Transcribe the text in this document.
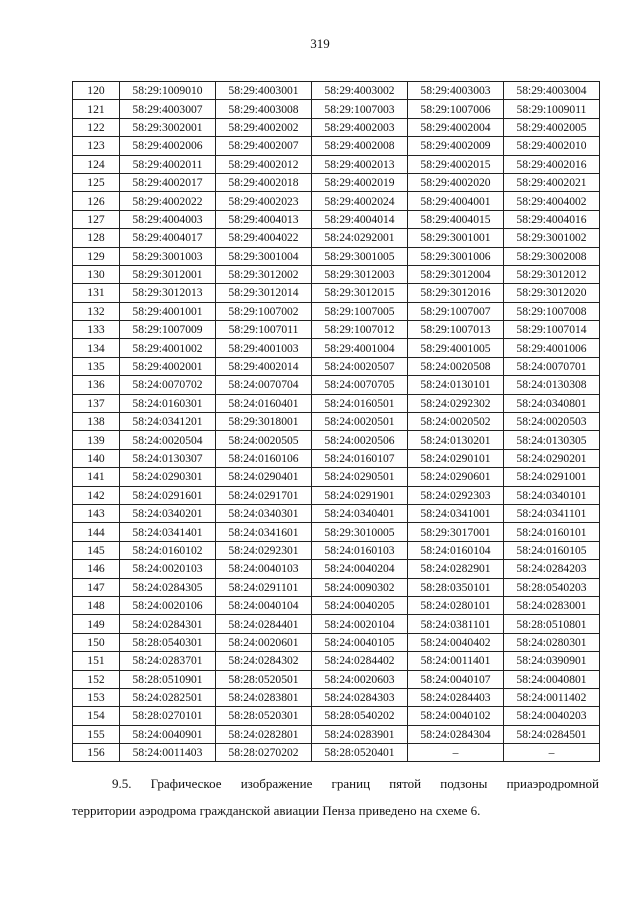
319
120	58:29:1009010	58:29:4003001	58:29:4003002	58:29:4003003	58:29:4003004
121	58:29:4003007	58:29:4003008	58:29:1007003	58:29:1007006	58:29:1009011
122	58:29:3002001	58:29:4002002	58:29:4002003	58:29:4002004	58:29:4002005
123	58:29:4002006	58:29:4002007	58:29:4002008	58:29:4002009	58:29:4002010
124	58:29:4002011	58:29:4002012	58:29:4002013	58:29:4002015	58:29:4002016
125	58:29:4002017	58:29:4002018	58:29:4002019	58:29:4002020	58:29:4002021
126	58:29:4002022	58:29:4002023	58:29:4002024	58:29:4004001	58:29:4004002
127	58:29:4004003	58:29:4004013	58:29:4004014	58:29:4004015	58:29:4004016
128	58:29:4004017	58:29:4004022	58:24:0292001	58:29:3001001	58:29:3001002
129	58:29:3001003	58:29:3001004	58:29:3001005	58:29:3001006	58:29:3002008
130	58:29:3012001	58:29:3012002	58:29:3012003	58:29:3012004	58:29:3012012
131	58:29:3012013	58:29:3012014	58:29:3012015	58:29:3012016	58:29:3012020
132	58:29:4001001	58:29:1007002	58:29:1007005	58:29:1007007	58:29:1007008
133	58:29:1007009	58:29:1007011	58:29:1007012	58:29:1007013	58:29:1007014
134	58:29:4001002	58:29:4001003	58:29:4001004	58:29:4001005	58:29:4001006
135	58:29:4002001	58:29:4002014	58:24:0020507	58:24:0020508	58:24:0070701
136	58:24:0070702	58:24:0070704	58:24:0070705	58:24:0130101	58:24:0130308
137	58:24:0160301	58:24:0160401	58:24:0160501	58:24:0292302	58:24:0340801
138	58:24:0341201	58:29:3018001	58:24:0020501	58:24:0020502	58:24:0020503
139	58:24:0020504	58:24:0020505	58:24:0020506	58:24:0130201	58:24:0130305
140	58:24:0130307	58:24:0160106	58:24:0160107	58:24:0290101	58:24:0290201
141	58:24:0290301	58:24:0290401	58:24:0290501	58:24:0290601	58:24:0291001
142	58:24:0291601	58:24:0291701	58:24:0291901	58:24:0292303	58:24:0340101
143	58:24:0340201	58:24:0340301	58:24:0340401	58:24:0341001	58:24:0341101
144	58:24:0341401	58:24:0341601	58:29:3010005	58:29:3017001	58:24:0160101
145	58:24:0160102	58:24:0292301	58:24:0160103	58:24:0160104	58:24:0160105
146	58:24:0020103	58:24:0040103	58:24:0040204	58:24:0282901	58:24:0284203
147	58:24:0284305	58:24:0291101	58:24:0090302	58:28:0350101	58:28:0540203
148	58:24:0020106	58:24:0040104	58:24:0040205	58:24:0280101	58:24:0283001
149	58:24:0284301	58:24:0284401	58:24:0020104	58:24:0381101	58:28:0510801
150	58:28:0540301	58:24:0020601	58:24:0040105	58:24:0040402	58:24:0280301
151	58:24:0283701	58:24:0284302	58:24:0284402	58:24:0011401	58:24:0390901
152	58:28:0510901	58:28:0520501	58:24:0020603	58:24:0040107	58:24:0040801
153	58:24:0282501	58:24:0283801	58:24:0284303	58:24:0284403	58:24:0011402
154	58:28:0270101	58:28:0520301	58:28:0540202	58:24:0040102	58:24:0040203
155	58:24:0040901	58:24:0282801	58:24:0283901	58:24:0284304	58:24:0284501
156	58:24:0011403	58:28:0270202	58:28:0520401	–	–
9.5. Графическое изображение границ пятой подзоны приаэродромной
территории аэродрома гражданской авиации Пенза приведено на схеме 6.
